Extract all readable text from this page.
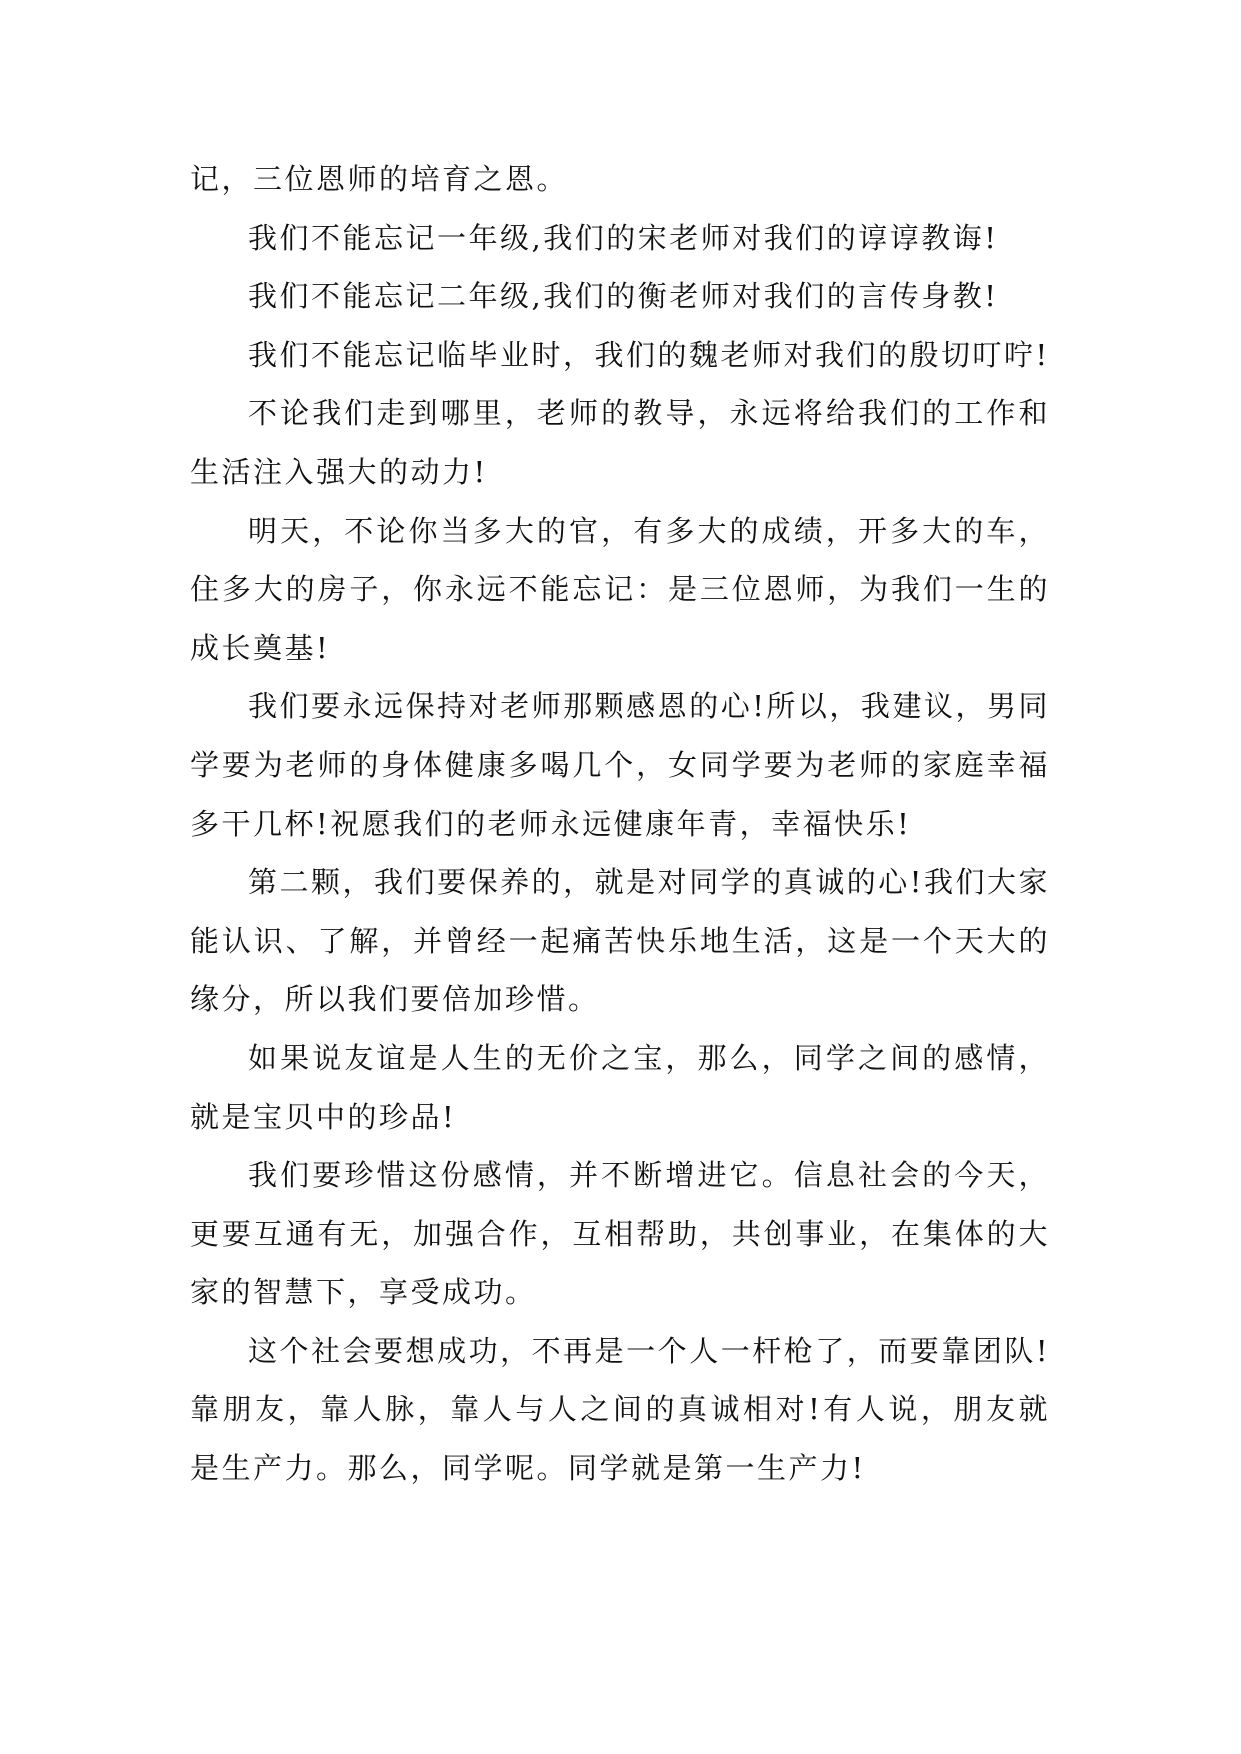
记，三位恩师的培育之恩。

我们不能忘记一年级,我们的宋老师对我们的谆谆教诲!

我们不能忘记二年级,我们的衡老师对我们的言传身教!

我们不能忘记临毕业时，我们的魏老师对我们的殷切叮咛!

不论我们走到哪里，老师的教导，永远将给我们的工作和生活注入强大的动力!

明天，不论你当多大的官，有多大的成绩，开多大的车，住多大的房子，你永远不能忘记：是三位恩师，为我们一生的成长奠基!

我们要永远保持对老师那颗感恩的心!所以，我建议，男同学要为老师的身体健康多喝几个，女同学要为老师的家庭幸福多干几杯!祝愿我们的老师永远健康年青，幸福快乐!

第二颗，我们要保养的，就是对同学的真诚的心!我们大家能认识、了解，并曾经一起痛苦快乐地生活，这是一个天大的缘分，所以我们要倍加珍惜。

如果说友谊是人生的无价之宝，那么，同学之间的感情，就是宝贝中的珍品!

我们要珍惜这份感情，并不断增进它。信息社会的今天，更要互通有无，加强合作，互相帮助，共创事业，在集体的大家的智慧下，享受成功。

这个社会要想成功，不再是一个人一杆枪了，而要靠团队!靠朋友，靠人脉，靠人与人之间的真诚相对!有人说，朋友就是生产力。那么，同学呢。同学就是第一生产力!
